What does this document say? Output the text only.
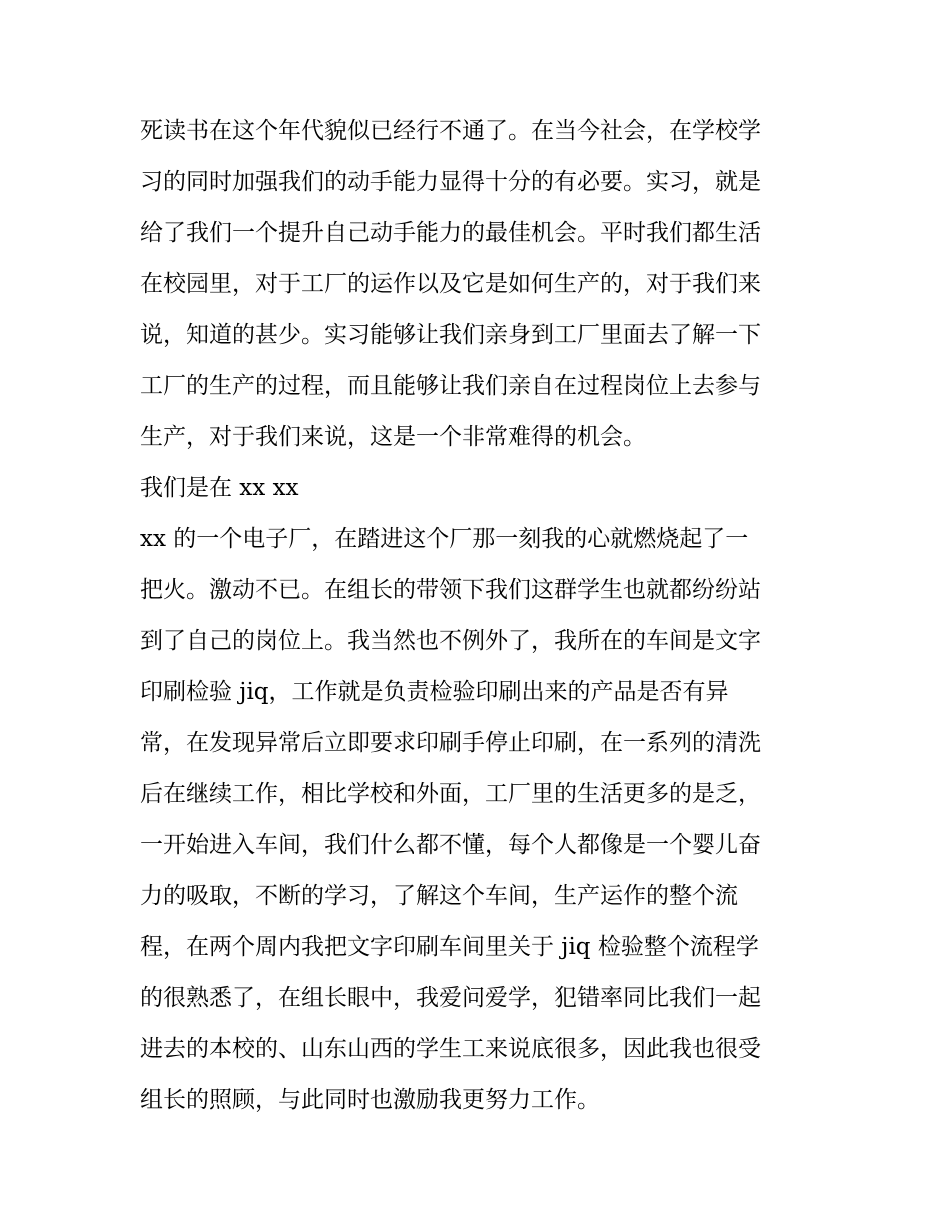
死读书在这个年代貌似已经行不通了。在当今社会，在学校学
习的同时加强我们的动手能力显得十分的有必要。实习，就是
给了我们一个提升自己动手能力的最佳机会。平时我们都生活
在校园里，对于工厂的运作以及它是如何生产的，对于我们来
说，知道的甚少。实习能够让我们亲身到工厂里面去了解一下
工厂的生产的过程，而且能够让我们亲自在过程岗位上去参与
生产，对于我们来说，这是一个非常难得的机会。
我们是在 xx xx
xx 的一个电子厂，在踏进这个厂那一刻我的心就燃烧起了一
把火。激动不已。在组长的带领下我们这群学生也就都纷纷站
到了自己的岗位上。我当然也不例外了，我所在的车间是文字
印刷检验 jiq，工作就是负责检验印刷出来的产品是否有异
常，在发现异常后立即要求印刷手停止印刷，在一系列的清洗
后在继续工作，相比学校和外面，工厂里的生活更多的是乏，
一开始进入车间，我们什么都不懂，每个人都像是一个婴儿奋
力的吸取，不断的学习，了解这个车间，生产运作的整个流
程，在两个周内我把文字印刷车间里关于 jiq 检验整个流程学
的很熟悉了，在组长眼中，我爱问爱学，犯错率同比我们一起
进去的本校的、山东山西的学生工来说底很多，因此我也很受
组长的照顾，与此同时也激励我更努力工作。
